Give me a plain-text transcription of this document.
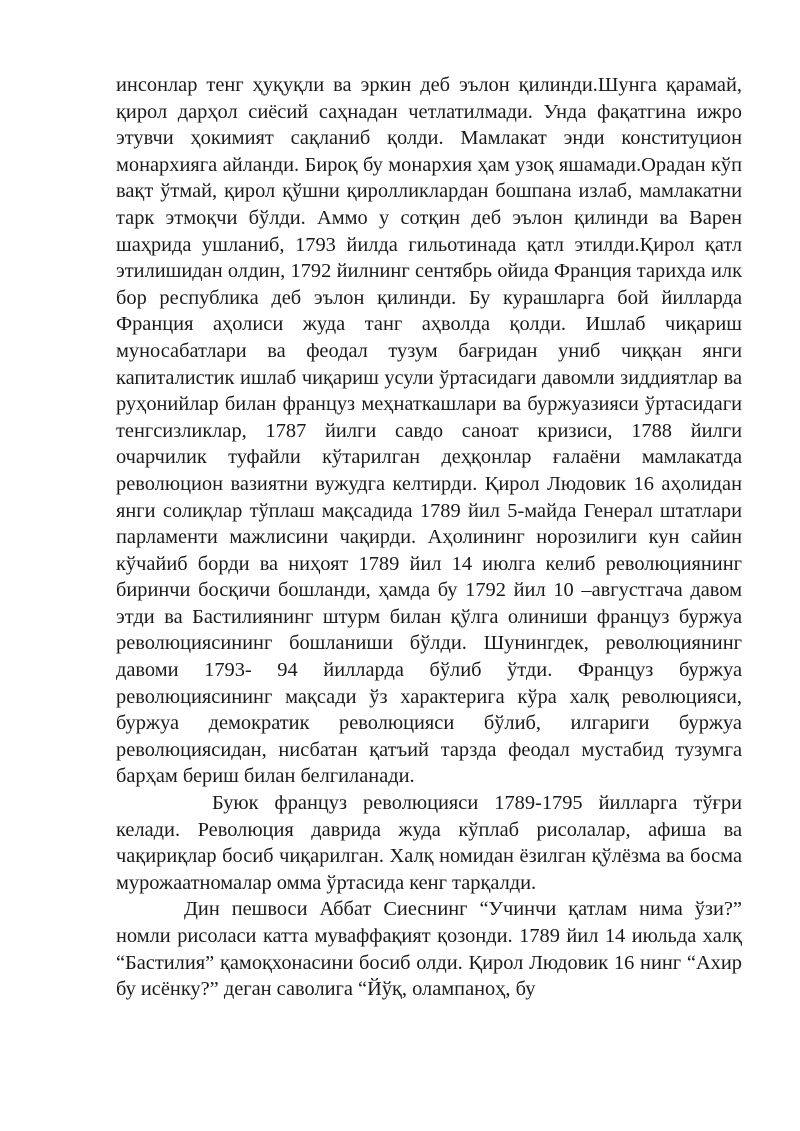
инсонлар тенг ҳуқуқли ва эркин деб эълон қилинди.Шунга қарамай, қирол дарҳол сиёсий саҳнадан четлатилмади. Унда фақатгина ижро этувчи ҳокимият сақланиб қолди. Мамлакат энди конституцион монархияга айланди. Бироқ бу монархия ҳам узоқ яшамади.Орадан кўп вақт ўтмай, қирол қўшни қиролликлардан бошпана излаб, мамлакатни тарк этмоқчи бўлди. Аммо у сотқин деб эълон қилинди ва Варен шаҳрида ушланиб, 1793 йилда гильотинада қатл этилди.Қирол қатл этилишидан олдин, 1792 йилнинг сентябрь ойида Франция тарихда илк бор республика деб эълон қилинди. Бу курашларга бой йилларда Франция аҳолиси жуда танг аҳволда қолди. Ишлаб чиқариш муносабатлари ва феодал тузум бағридан униб чиққан янги капиталистик ишлаб чиқариш усули ўртасидаги давомли зиддиятлар ва руҳонийлар билан француз меҳнаткашлари ва буржуазияси ўртасидаги тенгсизликлар, 1787 йилги савдо саноат кризиси, 1788 йилги очарчилик туфайли кўтарилган деҳқонлар ғалаёни мамлакатда революцион вазиятни вужудга келтирди. Қирол Людовик 16 аҳолидан янги солиқлар тўплаш мақсадида 1789 йил 5-майда Генерал штатлари парламенти мажлисини чақирди. Аҳолининг норозилиги кун сайин кўчайиб борди ва ниҳоят 1789 йил 14 июлга келиб революциянинг биринчи босқичи бошланди, ҳамда бу 1792 йил 10 –августгача давом этди ва Бастилиянинг штурм билан қўлга олиниши француз буржуа революциясининг бошланиши бўлди. Шунингдек, революциянинг давоми 1793- 94 йилларда бўлиб ўтди. Француз буржуа революциясининг мақсади ўз характерига кўра халқ революцияси, буржуа демократик революцияси бўлиб, илгариги буржуа революциясидан, нисбатан қатъий тарзда феодал мустабид тузумга барҳам бериш билан белгиланади.

Буюк француз революцияси 1789-1795 йилларга тўғри келади. Революция даврида жуда кўплаб рисолалар, афиша ва чақириқлар босиб чиқарилган. Халқ номидан ёзилган қўлёзма ва босма мурожаатномалар омма ўртасида кенг тарқалди.

Дин пешвоси Аббат Сиеснинг “Учинчи қатлам нима ўзи?” номли рисоласи катта муваффақият қозонди. 1789 йил 14 июльда халқ “Бастилия” қамоқхонасини босиб олди. Қирол Людовик 16 нинг “Ахир бу исёнку?” деган саволига “Йўқ, олампаноҳ, бу
